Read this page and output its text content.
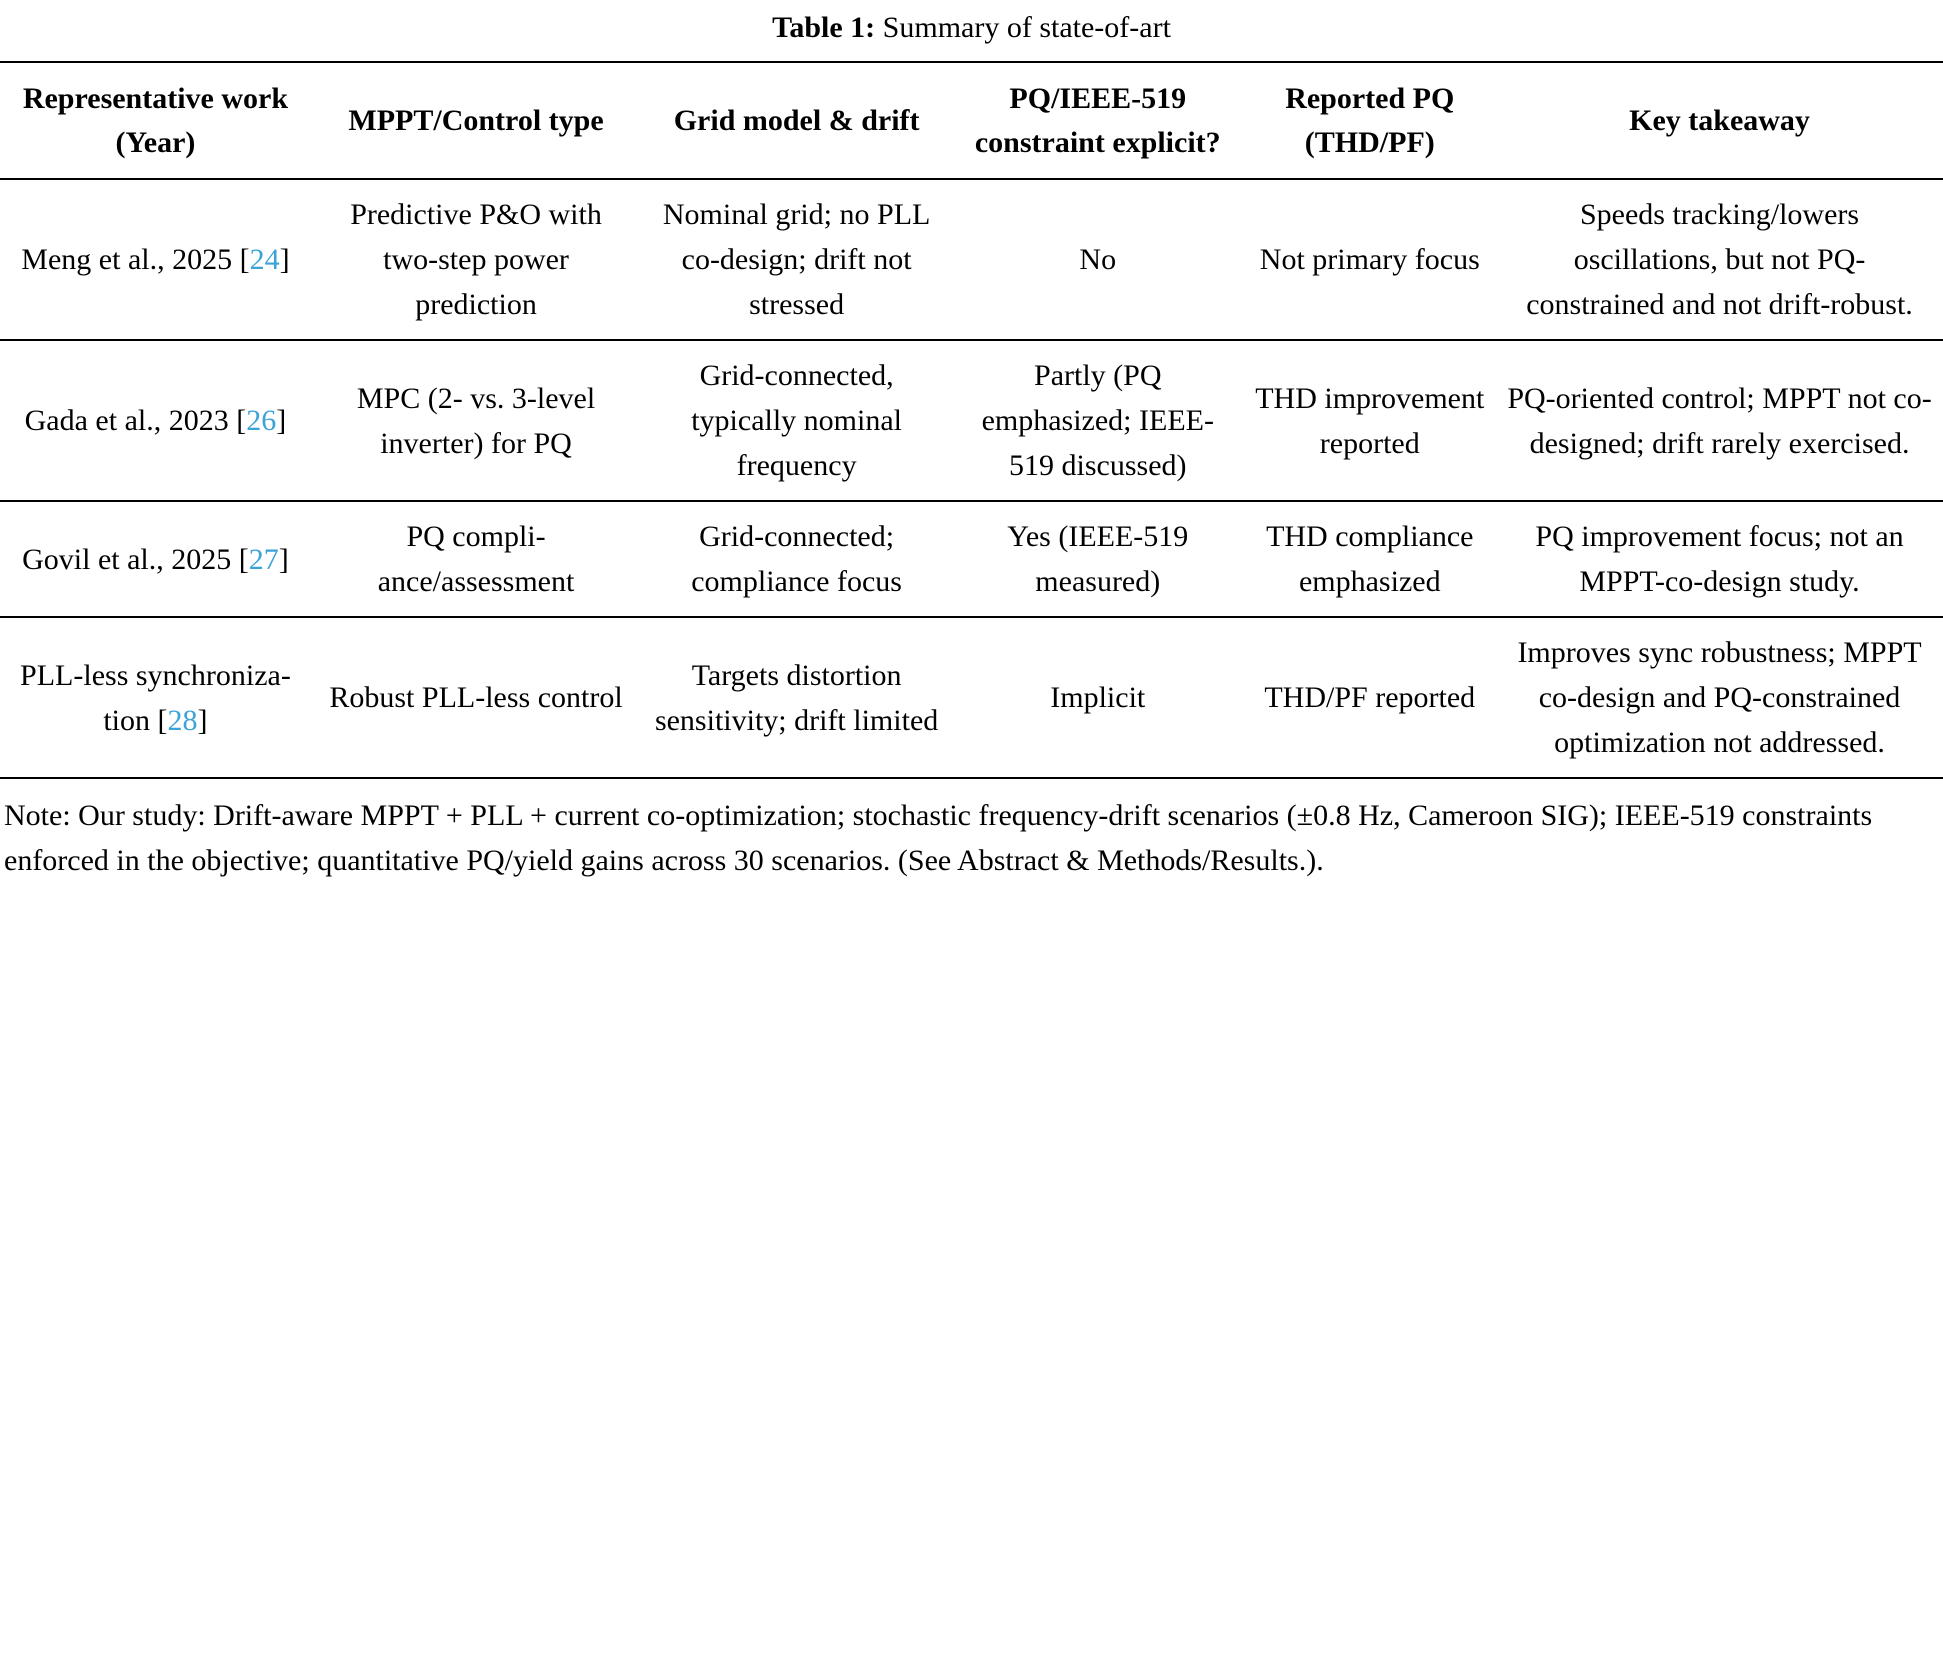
Table 1: Summary of state-of-art
Representative work (Year)	MPPT/Control type	Grid model & drift	PQ/IEEE-519 constraint explicit?	Reported PQ (THD/PF)	Key takeaway
Meng et al., 2025 [24]	Predictive P&O with two-step power prediction	Nominal grid; no PLL co-design; drift not stressed	No	Not primary focus	Speeds tracking/lowers oscillations, but not PQ-constrained and not drift-robust.
Gada et al., 2023 [26]	MPC (2- vs. 3-level inverter) for PQ	Grid-connected, typically nominal frequency	Partly (PQ emphasized; IEEE-519 discussed)	THD improvement reported	PQ-oriented control; MPPT not co-designed; drift rarely exercised.
Govil et al., 2025 [27]	PQ compli-ance/assessment	Grid-connected; compliance focus	Yes (IEEE-519 measured)	THD compliance emphasized	PQ improvement focus; not an MPPT-co-design study.
PLL-less synchroniza-tion [28]	Robust PLL-less control	Targets distortion sensitivity; drift limited	Implicit	THD/PF reported	Improves sync robustness; MPPT co-design and PQ-constrained optimization not addressed.
Note: Our study: Drift-aware MPPT + PLL + current co-optimization; stochastic frequency-drift scenarios (±0.8 Hz, Cameroon SIG); IEEE-519 constraints enforced in the objective; quantitative PQ/yield gains across 30 scenarios. (See Abstract & Methods/Results.).
